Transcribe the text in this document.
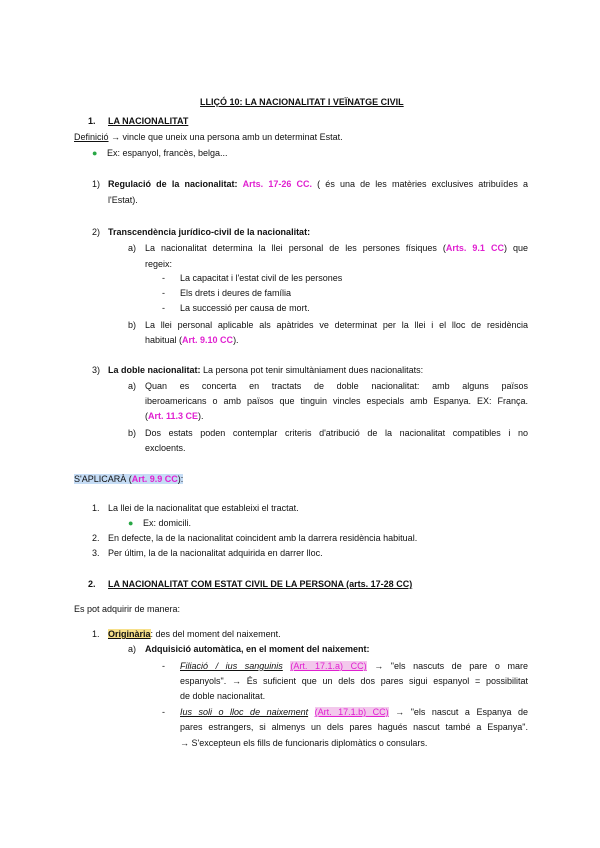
LLIÇÓ 10: LA NACIONALITAT I VEÏNATGE CIVIL
1. LA NACIONALITAT
Definició → vincle que uneix una persona amb un determinat Estat.
● Ex: espanyol, francès, belga...
1) Regulació de la nacionalitat: Arts. 17-26 CC. ( és una de les matèries exclusives atribuïdes a
l'Estat).
2) Transcendència jurídico-civil de la nacionalitat:
a) La nacionalitat determina la llei personal de les persones físiques (Arts. 9.1 CC) que
regeix:
- La capacitat i l'estat civil de les persones
- Els drets i deures de família
- La successió per causa de mort.
b) La llei personal aplicable als apàtrides ve determinat per la llei i el lloc de residència
habitual (Art. 9.10 CC).
3) La doble nacionalitat: La persona pot tenir simultàniament dues nacionalitats:
a) Quan es concerta en tractats de doble nacionalitat: amb alguns països
iberoamericans o amb països que tinguin vincles especials amb Espanya. EX: França.
(Art. 11.3 CE).
b) Dos estats poden contemplar criteris d'atribució de la nacionalitat compatibles i no
excloents.
S'APLICARÀ (Art. 9.9 CC):
1. La llei de la nacionalitat que estableixi el tractat.
● Ex: domicili.
2. En defecte, la de la nacionalitat coincident amb la darrera residència habitual.
3. Per últim, la de la nacionalitat adquirida en darrer lloc.
2. LA NACIONALITAT COM ESTAT CIVIL DE LA PERSONA (arts. 17-28 CC)
Es pot adquirir de manera:
1. Originària: des del moment del naixement.
a) Adquisició automàtica, en el moment del naixement:
- Filiació / ius sanguinis (Art. 17.1.a) CC) → "els nascuts de pare o mare
espanyols". → És suficient que un dels dos pares sigui espanyol = possibilitat
de doble nacionalitat.
- Ius soli o lloc de naixement (Art. 17.1.b) CC) → "els nascut a Espanya de
pares estrangers, si almenys un dels pares hagués nascut també a Espanya".
→ S'excepteun els fills de funcionaris diplomàtics o consulars.
